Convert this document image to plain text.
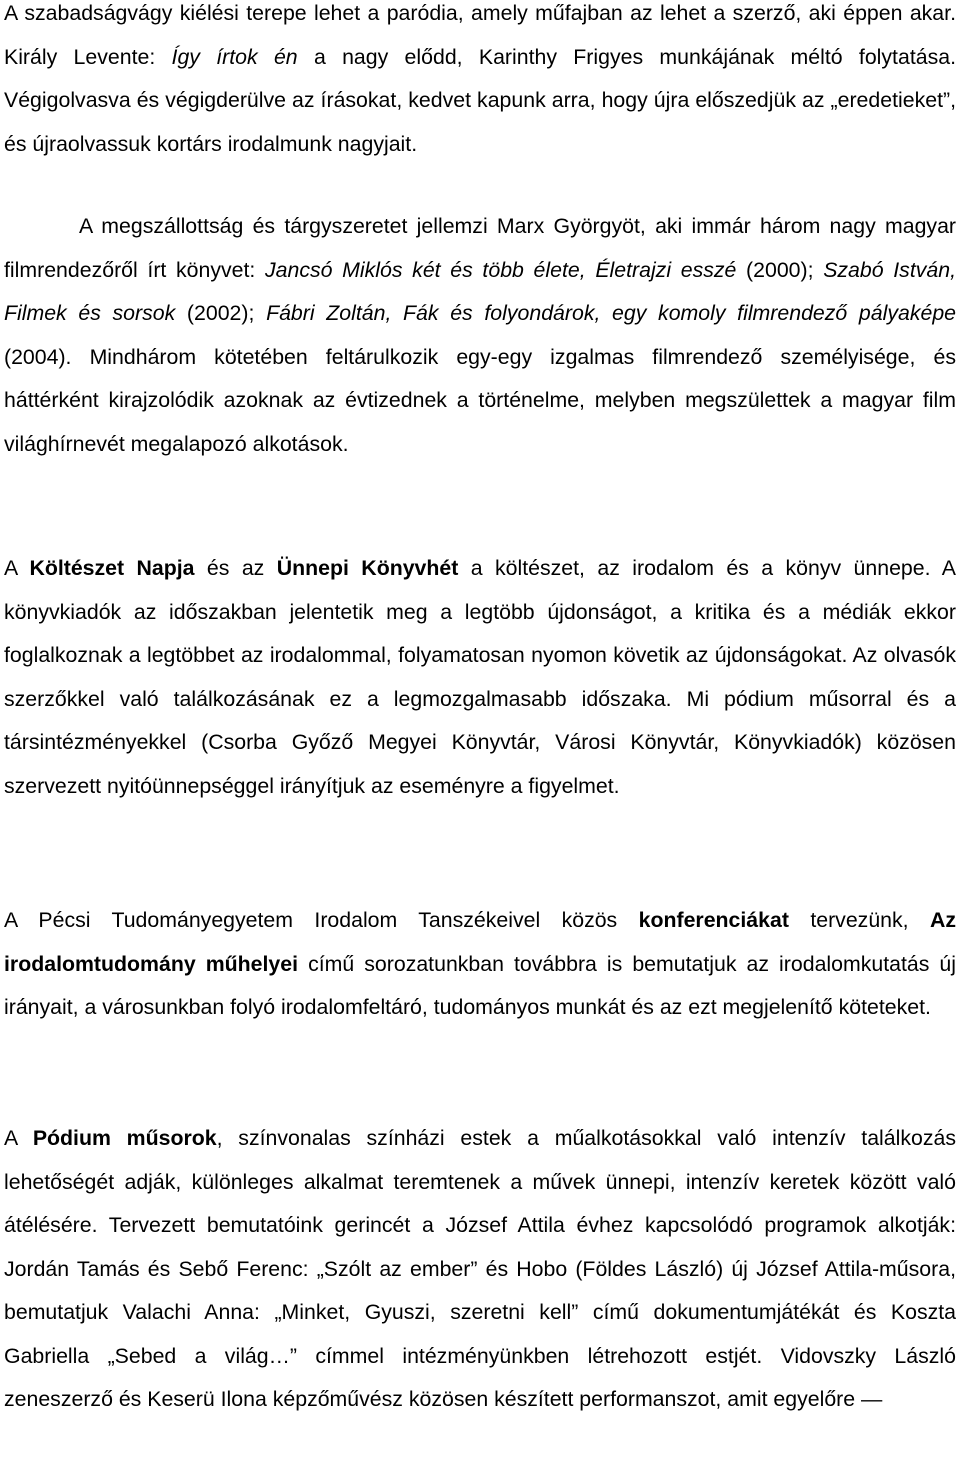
A szabadságvágy kiélési terepe lehet a paródia, amely műfajban az lehet a szerző, aki éppen akar. Király Levente: Így írtok én a nagy elődd, Karinthy Frigyes munkájának méltó folytatása. Végigolvasva és végigderülve az írásokat, kedvet kapunk arra, hogy újra előszedjük az „eredetieket”, és újraolvassuk kortárs irodalmunk nagyjait.

A megszállottság és tárgyszeretet jellemzi Marx Györgyöt, aki immár három nagy magyar filmrendezőről írt könyvet: Jancsó Miklós két és több élete, Életrajzi esszé (2000); Szabó István, Filmek és sorsok (2002); Fábri Zoltán, Fák és folyondárok, egy komoly filmrendező pályaképe (2004). Mindhárom kötetében feltárulkozik egy-egy izgalmas filmrendező személyisége, és háttérként kirajzolódik azoknak az évtizednek a történelme, melyben megszülettek a magyar film világhírnevét megalapozó alkotások.

A Költészet Napja és az Ünnepi Könyvhét a költészet, az irodalom és a könyv ünnepe. A könyvkiadók az időszakban jelentetik meg a legtöbb újdonságot, a kritika és a médiák ekkor foglalkoznak a legtöbbet az irodalommal, folyamatosan nyomon követik az újdonságokat. Az olvasók szerzőkkel való találkozásának ez a legmozgalmasabb időszaka. Mi pódium műsorral és a társintézményekkel (Csorba Győző Megyei Könyvtár, Városi Könyvtár, Könyvkiadók) közösen szervezett nyitóünnepséggel irányítjuk az eseményre a figyelmet.

A Pécsi Tudományegyetem Irodalom Tanszékeivel közös konferenciákat tervezünk, Az irodalomtudomány műhelyei című sorozatunkban továbbra is bemutatjuk az irodalomkutatás új irányait, a városunkban folyó irodalomfeltáró, tudományos munkát és az ezt megjelenítő köteteket.

A Pódium műsorok, színvonalas színházi estek a műalkotásokkal való intenzív találkozás lehetőségét adják, különleges alkalmat teremtenek a művek ünnepi, intenzív keretek között való átélésére. Tervezett bemutatóink gerincét a József Attila évhez kapcsolódó programok alkotják: Jordán Tamás és Sebő Ferenc: „Szólt az ember” és Hobo (Földes László) új József Attila-műsora, bemutatjuk Valachi Anna: „Minket, Gyuszi, szeretni kell” című dokumentumjátékát és Koszta Gabriella „Sebed a világ…” címmel intézményünkben létrehozott estjét. Vidovszky László zeneszerző és Keserü Ilona képzőművész közösen készített performanszot, amit egyelőre —
